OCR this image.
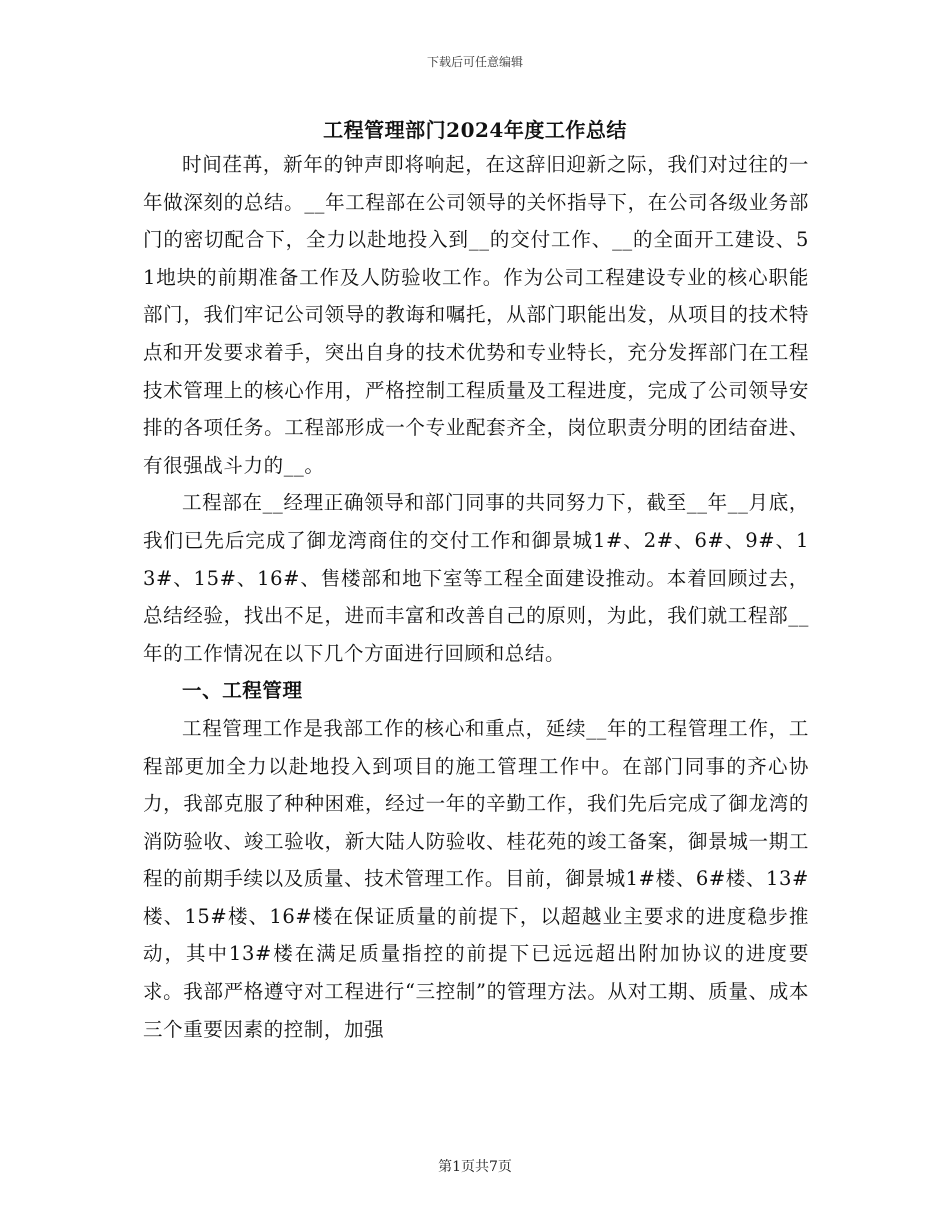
下载后可任意编辑
工程管理部门2024年度工作总结

时间荏苒，新年的钟声即将响起，在这辞旧迎新之际，我们对过往的一年做深刻的总结。__年工程部在公司领导的关怀指导下，在公司各级业务部门的密切配合下，全力以赴地投入到__的交付工作、__的全面开工建设、51地块的前期准备工作及人防验收工作。作为公司工程建设专业的核心职能部门，我们牢记公司领导的教诲和嘱托，从部门职能出发，从项目的技术特点和开发要求着手，突出自身的技术优势和专业特长，充分发挥部门在工程技术管理上的核心作用，严格控制工程质量及工程进度，完成了公司领导安排的各项任务。工程部形成一个专业配套齐全，岗位职责分明的团结奋进、有很强战斗力的__。

工程部在__经理正确领导和部门同事的共同努力下，截至__年__月底，我们已先后完成了御龙湾商住的交付工作和御景城1#、2#、6#、9#、13#、15#、16#、售楼部和地下室等工程全面建设推动。本着回顾过去，总结经验，找出不足，进而丰富和改善自己的原则，为此，我们就工程部__年的工作情况在以下几个方面进行回顾和总结。

一、工程管理

工程管理工作是我部工作的核心和重点，延续__年的工程管理工作，工程部更加全力以赴地投入到项目的施工管理工作中。在部门同事的齐心协力，我部克服了种种困难，经过一年的辛勤工作，我们先后完成了御龙湾的消防验收、竣工验收，新大陆人防验收、桂花苑的竣工备案，御景城一期工程的前期手续以及质量、技术管理工作。目前，御景城1#楼、6#楼、13#楼、15#楼、16#楼在保证质量的前提下，以超越业主要求的进度稳步推动，其中13#楼在满足质量指控的前提下已远远超出附加协议的进度要求。我部严格遵守对工程进行“三控制”的管理方法。从对工期、质量、成本三个重要因素的控制，加强

第1页共7页
